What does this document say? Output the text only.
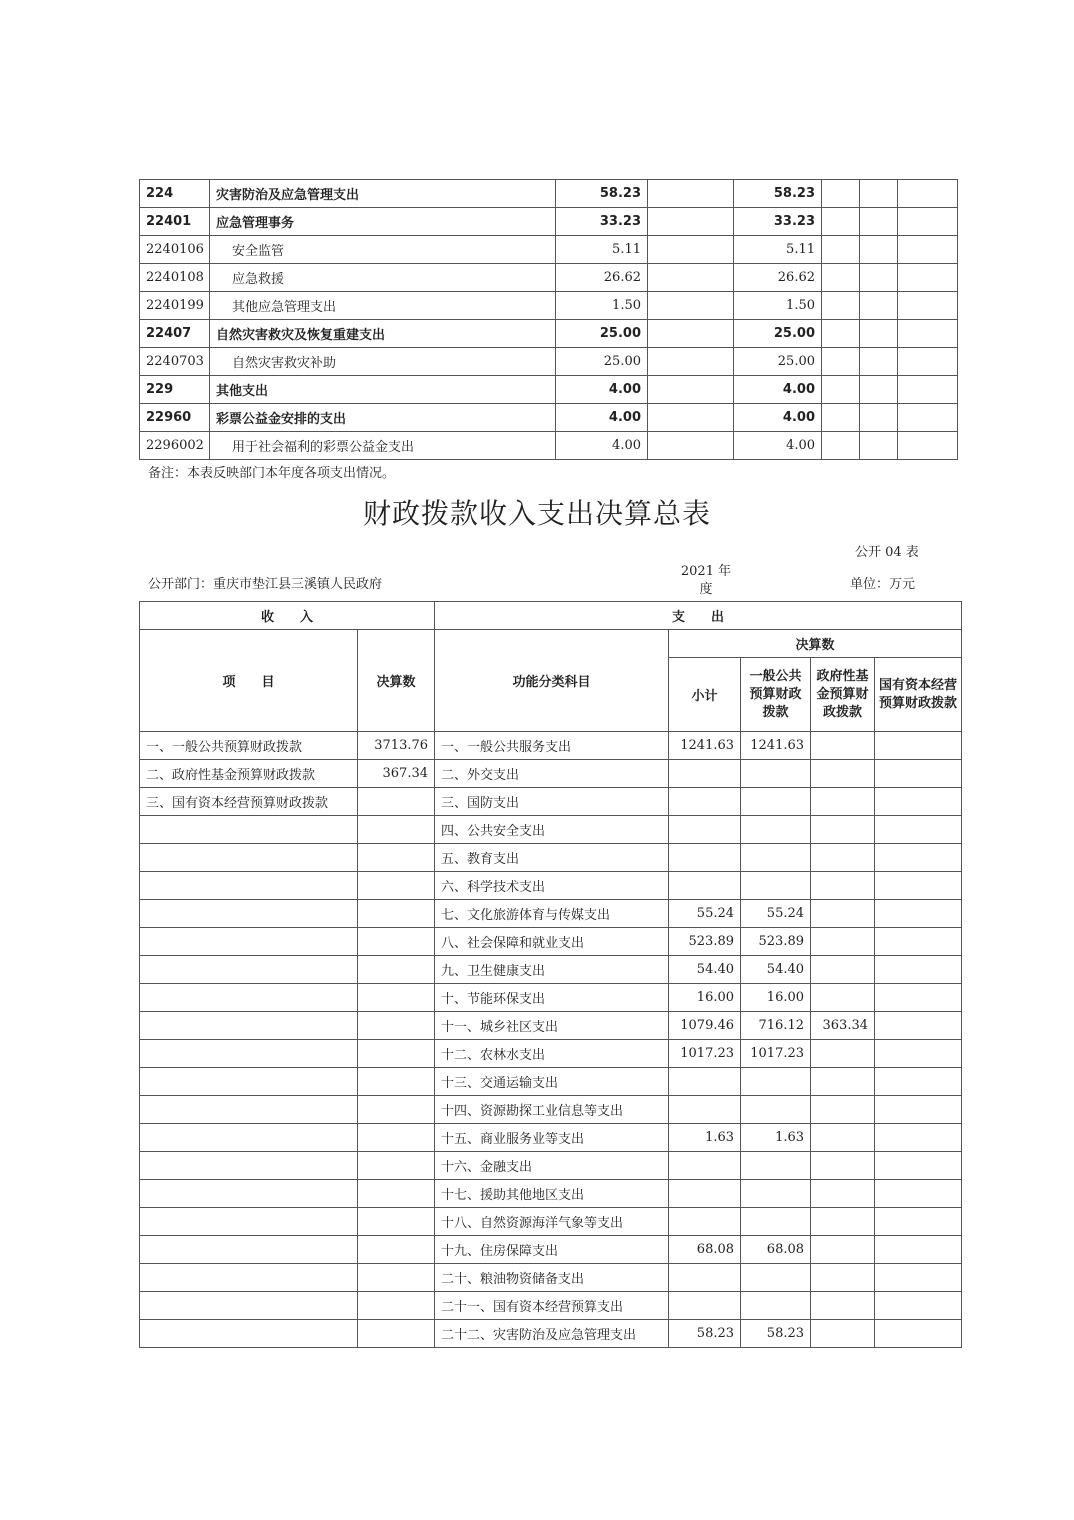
224	灾害防治及应急管理支出	58.23		58.23			
22401	应急管理事务	33.23		33.23			
2240106	安全监管	5.11		5.11			
2240108	应急救援	26.62		26.62			
2240199	其他应急管理支出	1.50		1.50			
22407	自然灾害救灾及恢复重建支出	25.00		25.00			
2240703	自然灾害救灾补助	25.00		25.00			
229	其他支出	4.00		4.00			
22960	彩票公益金安排的支出	4.00		4.00			
2296002	用于社会福利的彩票公益金支出	4.00		4.00			
备注：本表反映部门本年度各项支出情况。
财政拨款收入支出决算总表
公开 04 表
公开部门：重庆市垫江县三溪镇人民政府
2021 年度	单位：万元
收　　入		支　　出				
项　　目	决算数	功能分类科目	决算数			
			小计	一般公共预算财政拨款	政府性基金预算财政拨款	国有资本经营预算财政拨款
一、一般公共预算财政拨款	3713.76	一、一般公共服务支出	1241.63	1241.63		
二、政府性基金预算财政拨款	367.34	二、外交支出				
三、国有资本经营预算财政拨款		三、国防支出				
		四、公共安全支出				
		五、教育支出				
		六、科学技术支出				
		七、文化旅游体育与传媒支出	55.24	55.24		
		八、社会保障和就业支出	523.89	523.89		
		九、卫生健康支出	54.40	54.40		
		十、节能环保支出	16.00	16.00		
		十一、城乡社区支出	1079.46	716.12	363.34	
		十二、农林水支出	1017.23	1017.23		
		十三、交通运输支出				
		十四、资源勘探工业信息等支出				
		十五、商业服务业等支出	1.63	1.63		
		十六、金融支出				
		十七、援助其他地区支出				
		十八、自然资源海洋气象等支出				
		十九、住房保障支出	68.08	68.08		
		二十、粮油物资储备支出				
		二十一、国有资本经营预算支出				
		二十二、灾害防治及应急管理支出	58.23	58.23		
